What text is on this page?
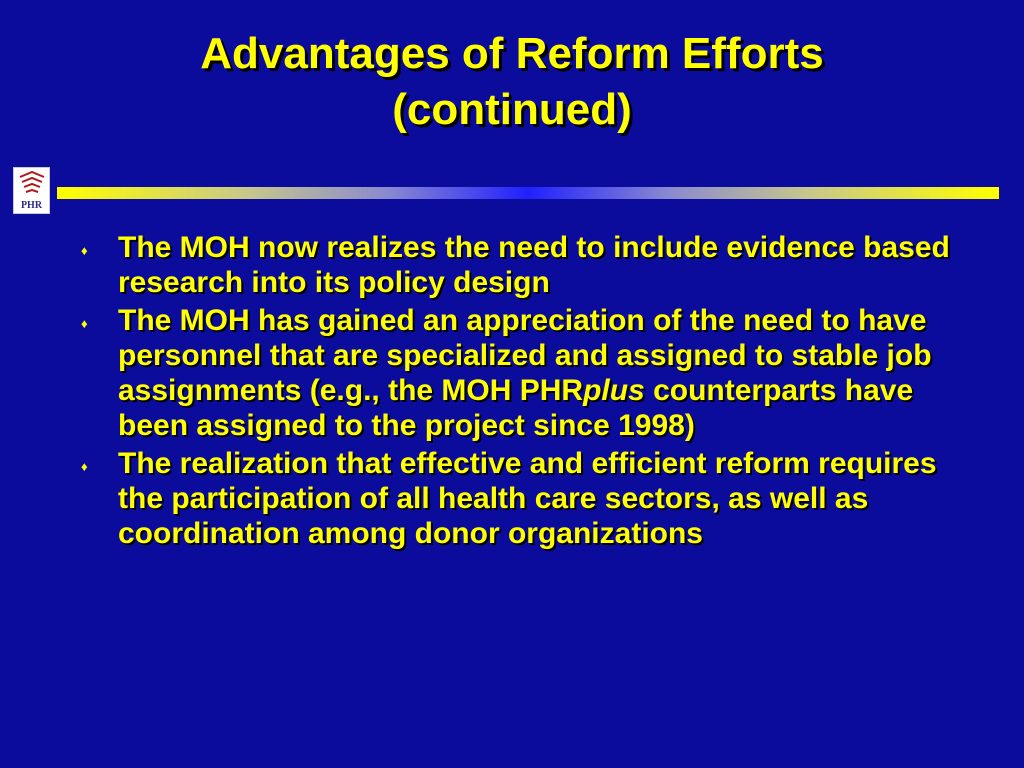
Advantages of Reform Efforts
(continued)
PHR
♦ The MOH now realizes the need to include evidence based research into its policy design
♦ The MOH has gained an appreciation of the need to have personnel that are specialized and assigned to stable job assignments (e.g., the MOH PHRplus counterparts have been assigned to the project since 1998)
♦ The realization that effective and efficient reform requires the participation of all health care sectors, as well as coordination among donor organizations
